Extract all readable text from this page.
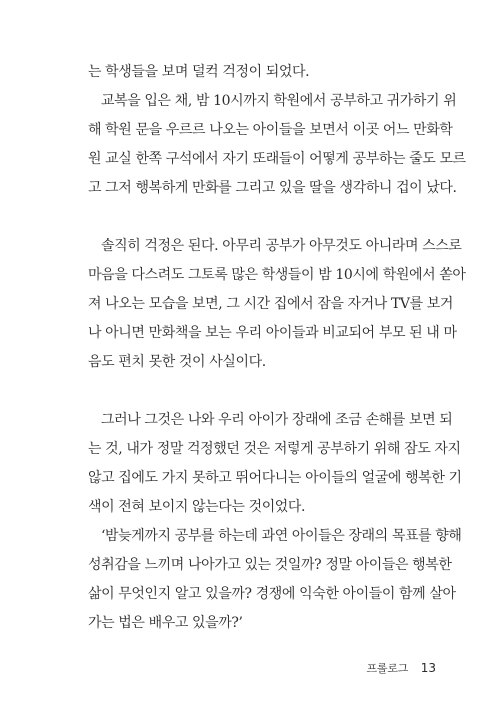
는 학생들을 보며 덜컥 걱정이 되었다.
교복을 입은 채, 밤 10시까지 학원에서 공부하고 귀가하기 위
해 학원 문을 우르르 나오는 아이들을 보면서 이곳 어느 만화학
원 교실 한쪽 구석에서 자기 또래들이 어떻게 공부하는 줄도 모르
고 그저 행복하게 만화를 그리고 있을 딸을 생각하니 겁이 났다.
솔직히 걱정은 된다. 아무리 공부가 아무것도 아니라며 스스로
마음을 다스려도 그토록 많은 학생들이 밤 10시에 학원에서 쏟아
져 나오는 모습을 보면, 그 시간 집에서 잠을 자거나 TV를 보거
나 아니면 만화책을 보는 우리 아이들과 비교되어 부모 된 내 마
음도 편치 못한 것이 사실이다.
그러나 그것은 나와 우리 아이가 장래에 조금 손해를 보면 되
는 것, 내가 정말 걱정했던 것은 저렇게 공부하기 위해 잠도 자지
않고 집에도 가지 못하고 뛰어다니는 아이들의 얼굴에 행복한 기
색이 전혀 보이지 않는다는 것이었다.
‘밤늦게까지 공부를 하는데 과연 아이들은 장래의 목표를 향해
성취감을 느끼며 나아가고 있는 것일까? 정말 아이들은 행복한
삶이 무엇인지 알고 있을까? 경쟁에 익숙한 아이들이 함께 살아
가는 법은 배우고 있을까?’
프롤로그 13
